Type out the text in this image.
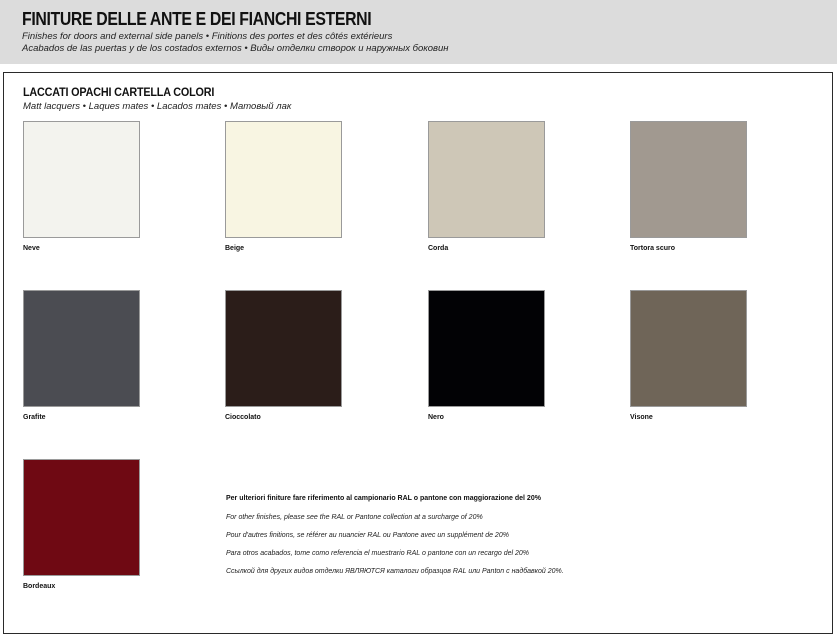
FINITURE DELLE ANTE E DEI FIANCHI ESTERNI
Finishes for doors and external side panels • Finitions des portes et des côtés extérieurs
Acabados de las puertas y de los costados externos • Виды отделки створок и наружных боковин
LACCATI OPACHI CARTELLA COLORI
Matt lacquers • Laques mates • Lacados mates • Матовый лак
Neve	Beige	Corda	Tortora scuro
Grafite	Cioccolato	Nero	Visone
Bordeaux
Per ulteriori finiture fare riferimento al campionario RAL o pantone con maggiorazione del 20%
For other finishes, please see the RAL or Pantone collection at a surcharge of 20%
Pour d'autres finitions, se référer au nuancier RAL ou Pantone avec un supplément de 20%
Para otros acabados, tome como referencia el muestrario RAL o pantone con un recargo del 20%
Ссылкой для других видов отделки ЯВЛЯЮТСЯ каталоги образцов RAL или Panton с надбавкой 20%.
